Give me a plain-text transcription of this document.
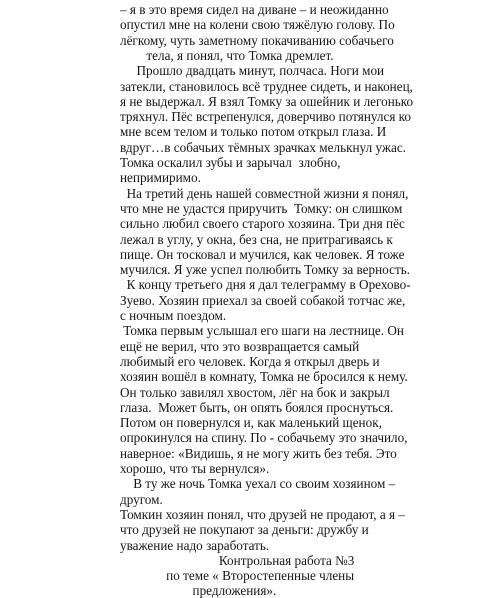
– я в это время сидел на диване – и неожиданно
опустил мне на колени свою тяжёлую голову. По
лёгкому, чуть заметному покачиванию собачьего
тела, я понял, что Томка дремлет.
Прошло двадцать минут, полчаса. Ноги мои
затекли, становилось всё труднее сидеть, и наконец,
я не выдержал. Я взял Томку за ошейник и легонько
тряхнул. Пёс встрепенулся, доверчиво потянулся ко
мне всем телом и только потом открыл глаза. И
вдруг…в собачьих тёмных зрачках мелькнул ужас.
Томка оскалил зубы и зарычал  злобно,
непримиримо.
На третий день нашей совместной жизни я понял,
что мне не удастся приручить  Томку: он слишком
сильно любил своего старого хозяина. Три дня пёс
лежал в углу, у окна, без сна, не притрагиваясь к
пище. Он тосковал и мучился, как человек. Я тоже
мучился. Я уже успел полюбить Томку за верность.
К концу третьего дня я дал телеграмму в Орехово-
Зуево. Хозяин приехал за своей собакой тотчас же,
с ночным поездом.
Томка первым услышал его шаги на лестнице. Он
ещё не верил, что это возвращается самый
любимый его человек. Когда я открыл дверь и
хозяин вошёл в комнату, Томка не бросился к нему.
Он только завилял хвостом, лёг на бок и закрыл
глаза.  Может быть, он опять боялся проснуться.
Потом он повернулся и, как маленький щенок,
опрокинулся на спину. По - собачьему это значило,
наверное: «Видишь, я не могу жить без тебя. Это
хорошо, что ты вернулся».
В ту же ночь Томка уехал со своим хозяином –
другом.
Томкин хозяин понял, что друзей не продают, а я –
что друзей не покупают за деньги: дружбу и
уважение надо заработать.
Контрольная работа №3
по теме « Второстепенные члены
предложения».
